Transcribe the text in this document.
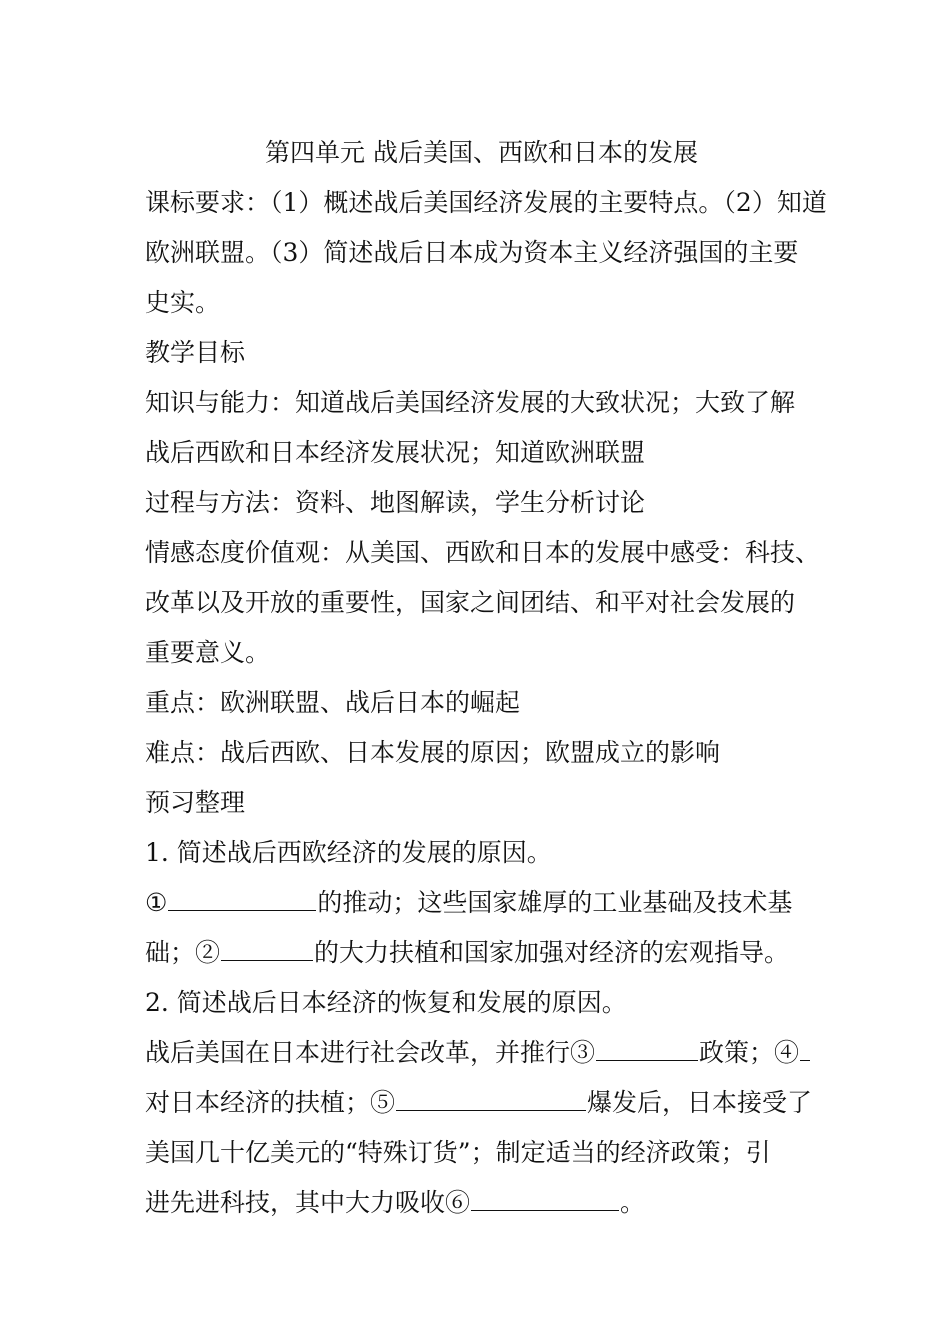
第四单元 战后美国、西欧和日本的发展
课标要求：（1）概述战后美国经济发展的主要特点。（2）知道
欧洲联盟。（3）简述战后日本成为资本主义经济强国的主要
史实。
教学目标
知识与能力：知道战后美国经济发展的大致状况；大致了解
战后西欧和日本经济发展状况；知道欧洲联盟
过程与方法：资料、地图解读，学生分析讨论
情感态度价值观：从美国、西欧和日本的发展中感受：科技、
改革以及开放的重要性，国家之间团结、和平对社会发展的
重要意义。
重点：欧洲联盟、战后日本的崛起
难点：战后西欧、日本发展的原因；欧盟成立的影响
预习整理
1. 简述战后西欧经济的发展的原因。
①	的推动；这些国家雄厚的工业基础及技术基
础；②	的大力扶植和国家加强对经济的宏观指导。
2. 简述战后日本经济的恢复和发展的原因。
战后美国在日本进行社会改革，并推行③	政策；④
对日本经济的扶植；⑤	爆发后，日本接受了
美国几十亿美元的“特殊订货”；制定适当的经济政策；引
进先进科技，其中大力吸收⑥	。
